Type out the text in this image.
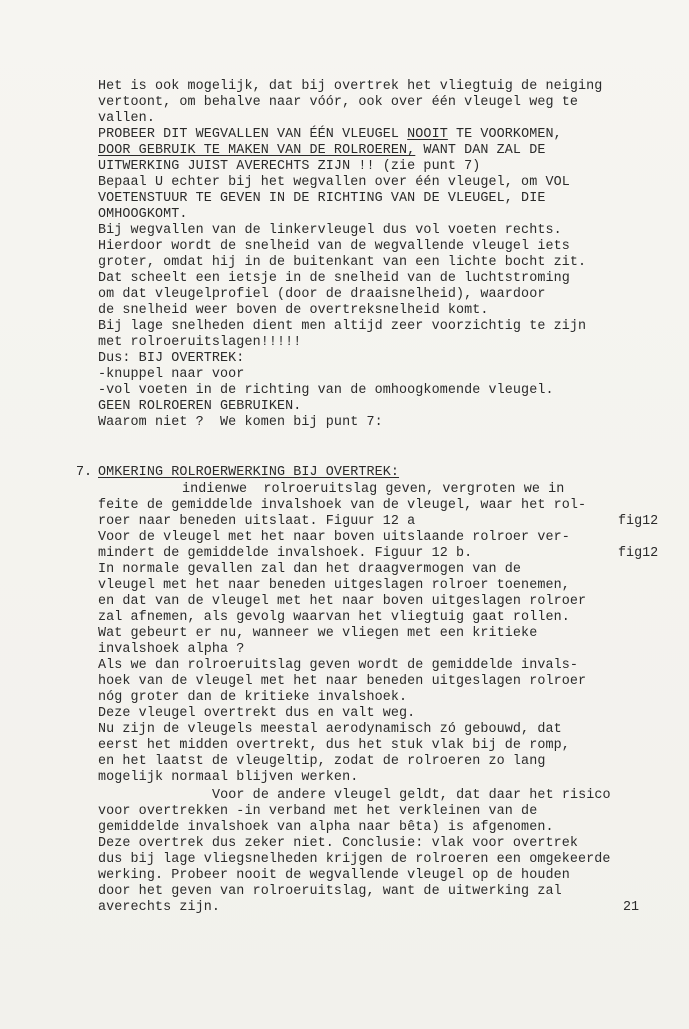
Het is ook mogelijk, dat bij overtrek het vliegtuig de neiging
vertoont, om behalve naar vóór, ook over één vleugel weg te
vallen.
PROBEER DIT WEGVALLEN VAN ÉÉN VLEUGEL NOOIT TE VOORKOMEN,
DOOR GEBRUIK TE MAKEN VAN DE ROLROEREN, WANT DAN ZAL DE
UITWERKING JUIST AVERECHTS ZIJN !! (zie punt 7)
Bepaal U echter bij het wegvallen over één vleugel, om VOL
VOETENSTUUR TE GEVEN IN DE RICHTING VAN DE VLEUGEL, DIE
OMHOOGKOMT.
Bij wegvallen van de linkervleugel dus vol voeten rechts.
Hierdoor wordt de snelheid van de wegvallende vleugel iets
groter, omdat hij in de buitenkant van een lichte bocht zit.
Dat scheelt een ietsje in de snelheid van de luchtstroming
om dat vleugelprofiel (door de draaisnelheid), waardoor
de snelheid weer boven de overtreksnelheid komt.
Bij lage snelheden dient men altijd zeer voorzichtig te zijn
met rolroeruitslagen!!!!!
Dus: BIJ OVERTREK:
-knuppel naar voor
-vol voeten in de richting van de omhoogkomende vleugel.
GEEN ROLROEREN GEBRUIKEN.
Waarom niet ?  We komen bij punt 7:
7. OMKERING ROLROERWERKING BIJ OVERTREK:
indienwe  rolroeruitslag geven, vergroten we in
feite de gemiddelde invalshoek van de vleugel, waar het rol-
roer naar beneden uitslaat. Figuur 12 a	fig12
Voor de vleugel met het naar boven uitslaande rolroer ver-
mindert de gemiddelde invalshoek. Figuur 12 b.	fig12
In normale gevallen zal dan het draagvermogen van de
vleugel met het naar beneden uitgeslagen rolroer toenemen,
en dat van de vleugel met het naar boven uitgeslagen rolroer
zal afnemen, als gevolg waarvan het vliegtuig gaat rollen.
Wat gebeurt er nu, wanneer we vliegen met een kritieke
invalshoek alpha ?
Als we dan rolroeruitslag geven wordt de gemiddelde invals-
hoek van de vleugel met het naar beneden uitgeslagen rolroer
nóg groter dan de kritieke invalshoek.
Deze vleugel overtrekt dus en valt weg.
Nu zijn de vleugels meestal aerodynamisch zó gebouwd, dat
eerst het midden overtrekt, dus het stuk vlak bij de romp,
en het laatst de vleugeltip, zodat de rolroeren zo lang
mogelijk normaal blijven werken.
Voor de andere vleugel geldt, dat daar het risico
voor overtrekken -in verband met het verkleinen van de
gemiddelde invalshoek van alpha naar bêta) is afgenomen.
Deze overtrek dus zeker niet. Conclusie: vlak voor overtrek
dus bij lage vliegsnelheden krijgen de rolroeren een omgekeerde
werking. Probeer nooit de wegvallende vleugel op de houden
door het geven van rolroeruitslag, want de uitwerking zal
averechts zijn.	21
